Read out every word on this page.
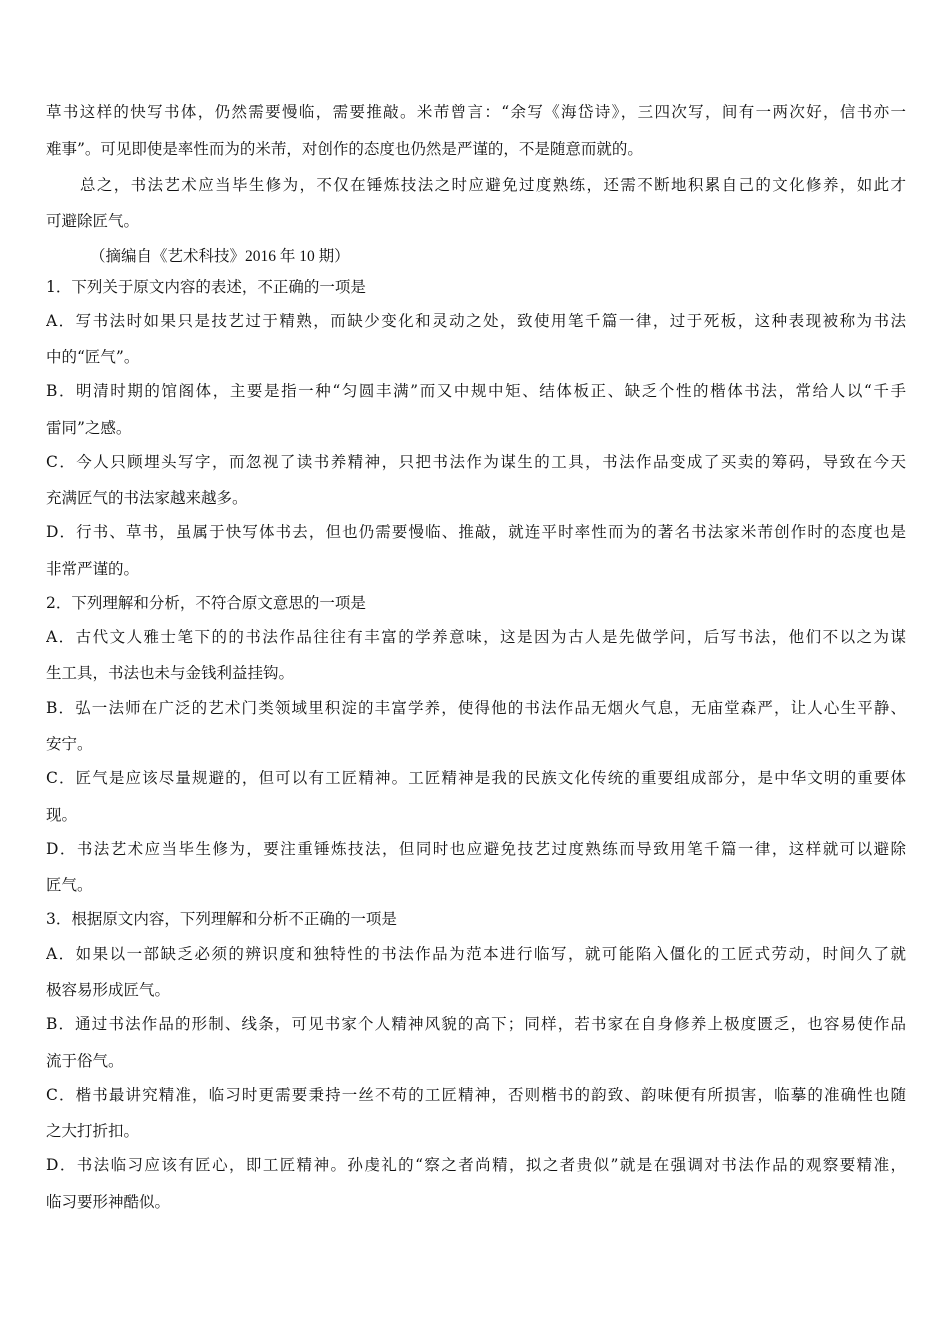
草书这样的快写书体，仍然需要慢临，需要推敲。米芾曾言：“余写《海岱诗》，三四次写，间有一两次好，信书亦一
难事”。可见即使是率性而为的米芾，对创作的态度也仍然是严谨的，不是随意而就的。
总之，书法艺术应当毕生修为，不仅在锤炼技法之时应避免过度熟练，还需不断地积累自己的文化修养，如此才
可避除匠气。
（摘编自《艺术科技》2016 年 10 期）
1．下列关于原文内容的表述，不正确的一项是
A．写书法时如果只是技艺过于精熟，而缺少变化和灵动之处，致使用笔千篇一律，过于死板，这种表现被称为书法
中的“匠气”。
B．明清时期的馆阁体，主要是指一种“匀圆丰满”而又中规中矩、结体板正、缺乏个性的楷体书法，常给人以“千手
雷同”之感。
C．今人只顾埋头写字，而忽视了读书养精神，只把书法作为谋生的工具，书法作品变成了买卖的筹码，导致在今天
充满匠气的书法家越来越多。
D．行书、草书，虽属于快写体书去，但也仍需要慢临、推敲，就连平时率性而为的著名书法家米芾创作时的态度也是
非常严谨的。
2．下列理解和分析，不符合原文意思的一项是
A．古代文人雅士笔下的的书法作品往往有丰富的学养意味，这是因为古人是先做学问，后写书法，他们不以之为谋
生工具，书法也未与金钱利益挂钩。
B．弘一法师在广泛的艺术门类领域里积淀的丰富学养，使得他的书法作品无烟火气息，无庙堂森严，让人心生平静、
安宁。
C．匠气是应该尽量规避的，但可以有工匠精神。工匠精神是我的民族文化传统的重要组成部分，是中华文明的重要体
现。
D．书法艺术应当毕生修为，要注重锤炼技法，但同时也应避免技艺过度熟练而导致用笔千篇一律，这样就可以避除
匠气。
3．根据原文内容，下列理解和分析不正确的一项是
A．如果以一部缺乏必须的辨识度和独特性的书法作品为范本进行临写，就可能陷入僵化的工匠式劳动，时间久了就
极容易形成匠气。
B．通过书法作品的形制、线条，可见书家个人精神风貌的高下；同样，若书家在自身修养上极度匮乏，也容易使作品
流于俗气。
C．楷书最讲究精准，临习时更需要秉持一丝不苟的工匠精神，否则楷书的韵致、韵味便有所损害，临摹的准确性也随
之大打折扣。
D．书法临习应该有匠心，即工匠精神。孙虔礼的“察之者尚精，拟之者贵似”就是在强调对书法作品的观察要精准，
临习要形神酷似。
